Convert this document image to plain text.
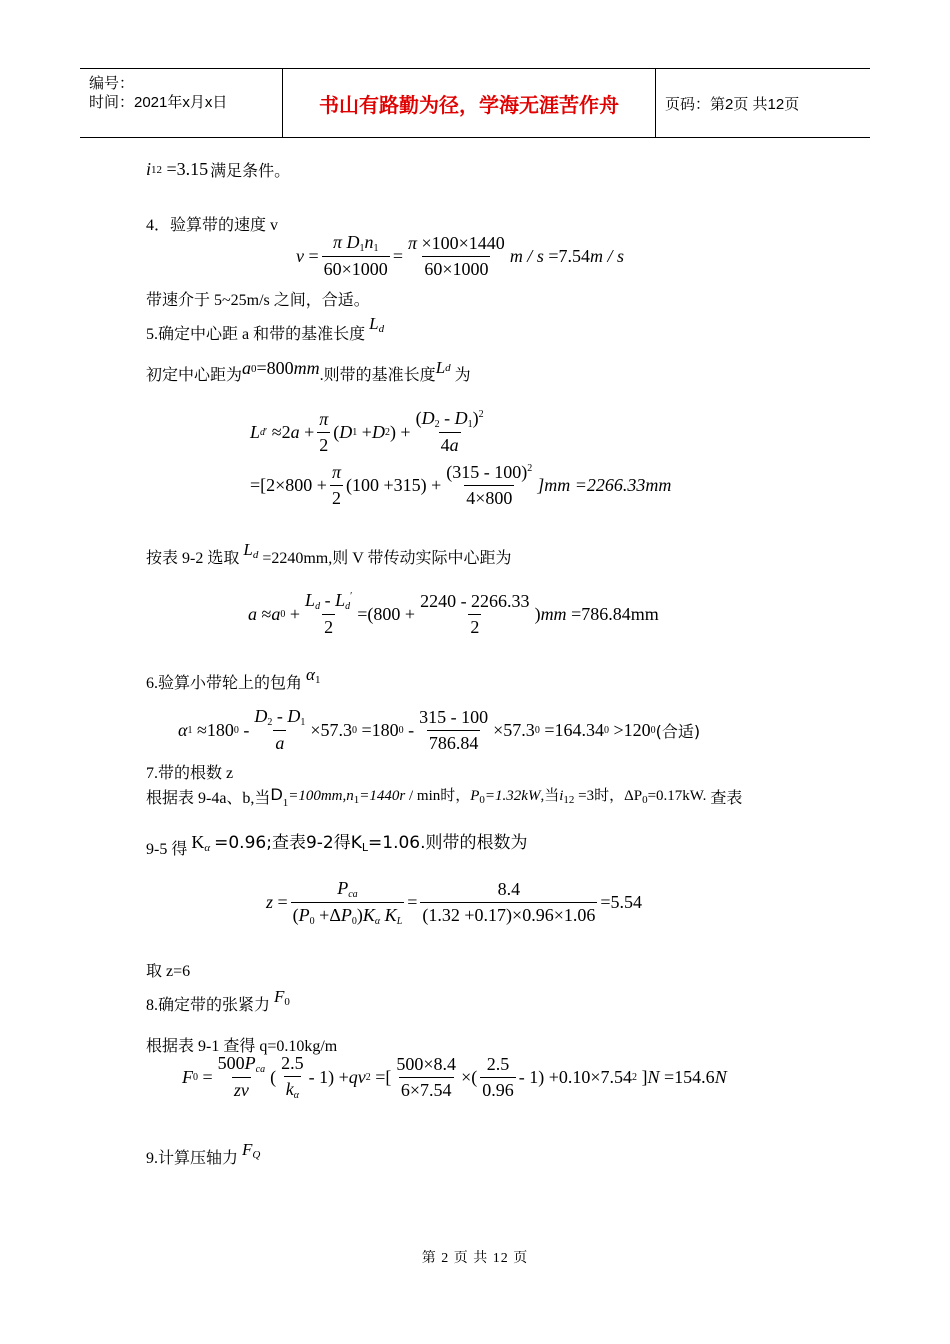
编号：
时间：2021年x月x日	书山有路勤为径，学海无涯苦作舟	页码：第2页 共12页
i 12
=3.15 满足条件。
4．验算带的速度 v
v =
π $D_1n_1$
60×1000
=
π ×100×1440
60×1000
m / s
=7.54 m / s
带速介于 5~25m/s 之间，合适。
5.确定中心距 a 和带的基准长度 $L_d$
初定中心距为 $a_0 =800$ mm .则带的基准长度 $L_d$
为
L d ′ ≈2 a +
π
2
( D 1 + D 2 ) +
$(D_2 - D_1)^2$
4a
=[2×800 +
π
2
(100 +315) +
(315 - 100)$^2$
4×800
]mm =2266.33mm
按表 9-2 选取 $L_d =2240mm$,则 V 带传动实际中心距为
a ≈ a 0 +
$L_d - L_d'$
2
=(800 +
2240 - 2266.33
2
) mm
=786.84mm
6.验算小带轮上的包角 $\alpha_1$
α 1 ≈180 0 -
$D_2 - D_1$
a
×57.3 0 =180 0 -
315 - 100
786.84
×57.3 0
=164.34 0 >120 0 (合适)
7.带的根数 z
根据表 9-4a、b,当$D_1=100mm,n_1=1440r / \min$时，$P_0=1.32kW$,当$i_{12} =3$时，$\Delta P_0=0.17kW$. 查表
9-5 得 $K_\alpha =0.96$;查表9-2得$K_L=1.06$.则带的根数为
z =
$P_{ca}$
$(P_0 +\Delta P_0)K_\alpha$ $K_L$
= $\frac{8.4}{(1.32 +0.17)\times 0.96\times 1.06} =5.54$
取 z=6
8.确定带的张紧力 $F_0$
根据表 9-1 查得 q=0.10kg/m
F 0 =
$500P_{ca}$
zv
(
2.5
$k_\alpha$
- 1) + qv 2 =[
500×8.4
6×7.54
×(
2.5
0.96
- 1) +0.10×7.54 2 ] N
=154.6 N
9.计算压轴力 $F_Q$
第 2 页 共 12 页
